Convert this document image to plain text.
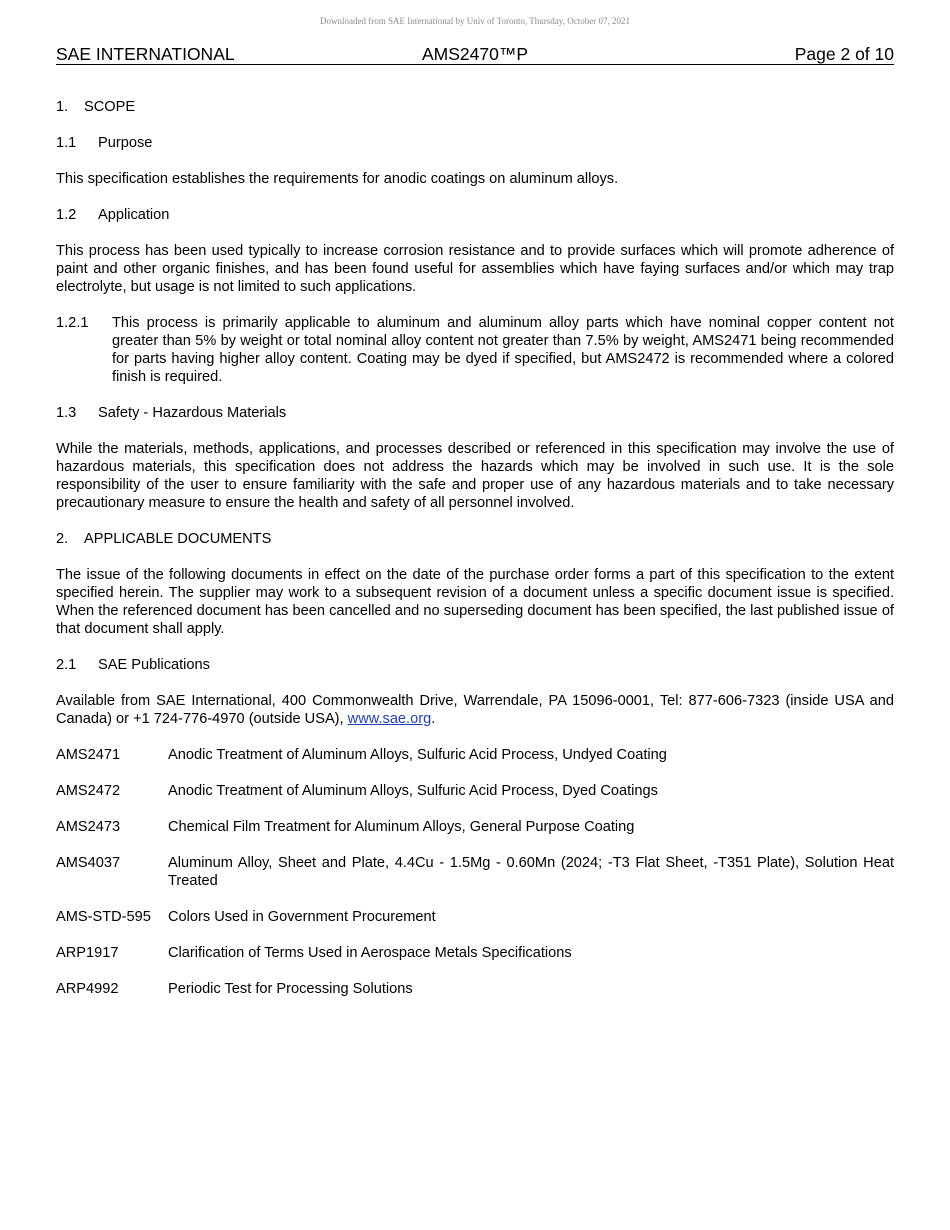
Downloaded from SAE International by Univ of Toronto, Thursday, October 07, 2021
SAE INTERNATIONAL	AMS2470™P	Page 2 of 10
1. SCOPE
1.1 Purpose
This specification establishes the requirements for anodic coatings on aluminum alloys.
1.2 Application
This process has been used typically to increase corrosion resistance and to provide surfaces which will promote adherence of paint and other organic finishes, and has been found useful for assemblies which have faying surfaces and/or which may trap electrolyte, but usage is not limited to such applications.
1.2.1 This process is primarily applicable to aluminum and aluminum alloy parts which have nominal copper content not greater than 5% by weight or total nominal alloy content not greater than 7.5% by weight, AMS2471 being recommended for parts having higher alloy content. Coating may be dyed if specified, but AMS2472 is recommended where a colored finish is required.
1.3 Safety - Hazardous Materials
While the materials, methods, applications, and processes described or referenced in this specification may involve the use of hazardous materials, this specification does not address the hazards which may be involved in such use. It is the sole responsibility of the user to ensure familiarity with the safe and proper use of any hazardous materials and to take necessary precautionary measure to ensure the health and safety of all personnel involved.
2. APPLICABLE DOCUMENTS
The issue of the following documents in effect on the date of the purchase order forms a part of this specification to the extent specified herein. The supplier may work to a subsequent revision of a document unless a specific document issue is specified. When the referenced document has been cancelled and no superseding document has been specified, the last published issue of that document shall apply.
2.1 SAE Publications
Available from SAE International, 400 Commonwealth Drive, Warrendale, PA 15096-0001, Tel: 877-606-7323 (inside USA and Canada) or +1 724-776-4970 (outside USA), www.sae.org.
AMS2471	Anodic Treatment of Aluminum Alloys, Sulfuric Acid Process, Undyed Coating
AMS2472	Anodic Treatment of Aluminum Alloys, Sulfuric Acid Process, Dyed Coatings
AMS2473	Chemical Film Treatment for Aluminum Alloys, General Purpose Coating
AMS4037	Aluminum Alloy, Sheet and Plate, 4.4Cu - 1.5Mg - 0.60Mn (2024; -T3 Flat Sheet, -T351 Plate), Solution Heat Treated
AMS-STD-595 Colors Used in Government Procurement
ARP1917	Clarification of Terms Used in Aerospace Metals Specifications
ARP4992	Periodic Test for Processing Solutions
